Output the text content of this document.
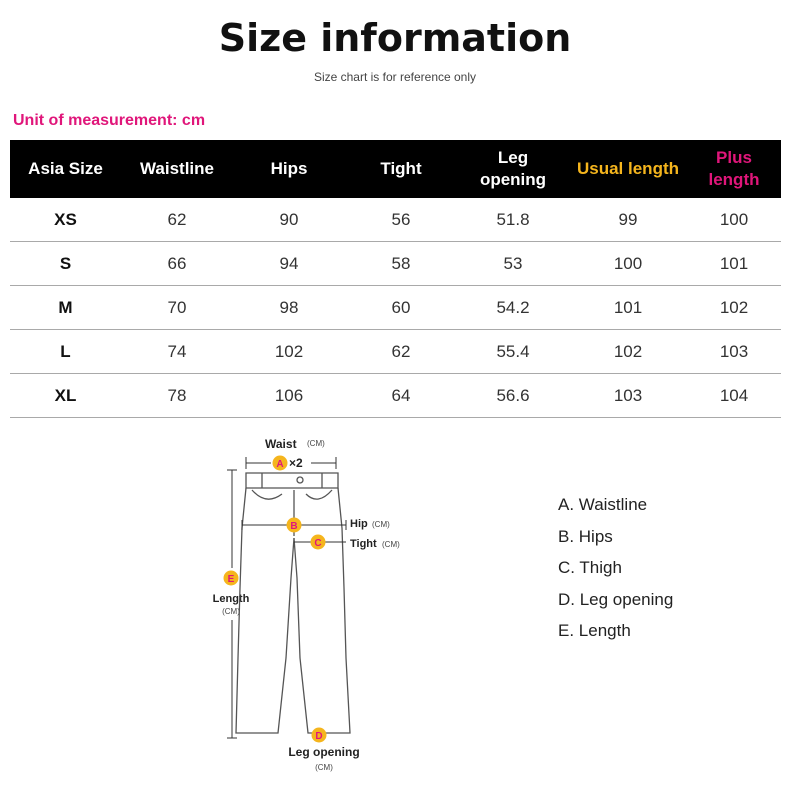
Size information
Size chart is for reference only
Unit of measurement: cm
Asia Size	Waistline	Hips	Tight	Leg opening	Usual length	Plus length
XS	62	90	56	51.8	99	100
S	66	94	58	53	100	101
M	70	98	60	54.2	101	102
L	74	102	62	55.4	102	103
XL	78	106	64	56.6	103	104
Waist (CM)
A ×2
E
Length
(CM)
B	Hip (CM)
C	Tight (CM)
D
Leg opening
(CM)
A. Waistline
B. Hips
C. Thigh
D. Leg opening
E. Length
